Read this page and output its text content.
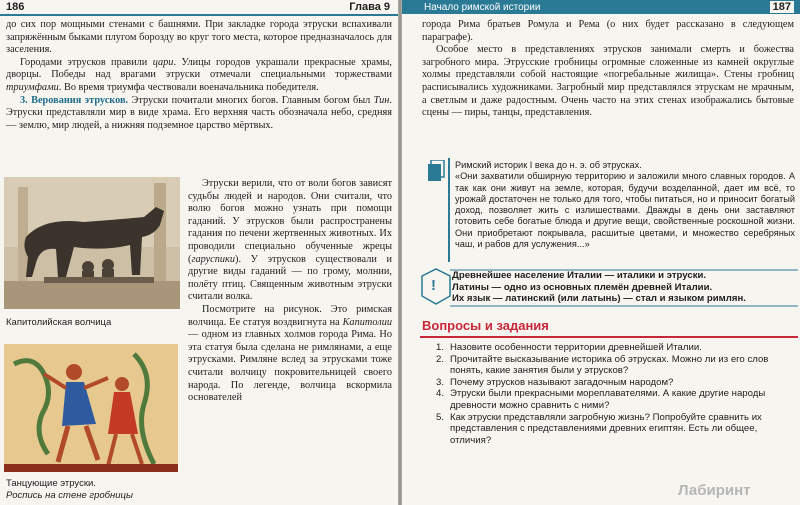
186	Глава 9

до сих пор мощными стенами с башнями. При закладке города этруски вспахивали запряжённым быками плугом борозду во круг того места, которое предназначалось для заселения.

Городами этрусков правили цари. Улицы городов украшали прекрасные храмы, дворцы. Победы над врагами этруски отмечали специальными торжествами триумфами. Во время триумфа чествовали военачальника победителя.

3. Верования этрусков. Этруски почитали многих богов. Главным богом был Тин. Этруски представляли мир в виде храма. Его верхняя часть обозначала небо, средняя — землю, мир людей, а нижняя подземное царство мёртвых.

Капитолийская волчица
Танцующие этруски.
Роспись на стене гробницы

Этруски верили, что от воли богов зависят судьбы людей и народов. Они считали, что волю богов можно узнать при помощи гаданий. У этрусков были распространены гадания по печени жертвенных животных. Их проводили специально обученные жрецы (гаруспики). У этрусков существовали и другие виды гаданий — по грому, молнии, полёту птиц. Священным животным этруски считали волка.

Посмотрите на рисунок. Это римская волчица. Ее статуя воздвигнута на Капитолии — одном из главных холмов города Рима. Но эта статуя была сделана не римлянами, а еще этрусками. Римляне вслед за этрусками тоже считали волчицу покровительницей своего народа. По легенде, волчица вскормила основателей

Начало римской истории	187

города Рима братьев Ромула и Рема (о них будет рассказано в следующем параграфе).

Особое место в представлениях этрусков занимали смерть и божества загробного мира. Этрусские гробницы огромные сложенные из камней округлые холмы представляли собой настоящие «погребальные жилища». Стены гробниц расписывались художниками. Загробный мир представлялся этрускам не мрачным, а светлым и даже радостным. Очень часто на этих стенах изображались бытовые сцены — пиры, танцы, представления.

Римский историк I века до н. э. об этрусках.
«Они захватили обширную территорию и заложили много славных городов. А так как они живут на земле, которая, будучи возделанной, дает им всё, то урожай достаточен не только для того, чтобы питаться, но и приносит богатый доход, позволяет жить с излишествами. Дважды в день они заставляют готовить себе богатые блюда и другие вещи, свойственные роскошной жизни. Они приобретают покрывала, расшитые цветами, и множество серебряных чаш, и рабов для услужения...»
!
Древнейшее население Италии — италики и этруски.
Латины — одно из основных племён древней Италии.
Их язык — латинский (или латынь) — стал и языком римлян.
Вопросы и задания
1. Назовите особенности территории древнейшей Италии.
2. Прочитайте высказывание историка об этрусках. Можно ли из его слов понять, какие занятия были у этрусков?
3. Почему этрусков называют загадочным народом?
4. Этруски были прекрасными мореплавателями. А какие другие народы древности можно сравнить с ними?
5. Как этруски представляли загробную жизнь? Попробуйте сравнить их представления с представлениями древних египтян. Есть ли общее, отличия?
Лабиринт
